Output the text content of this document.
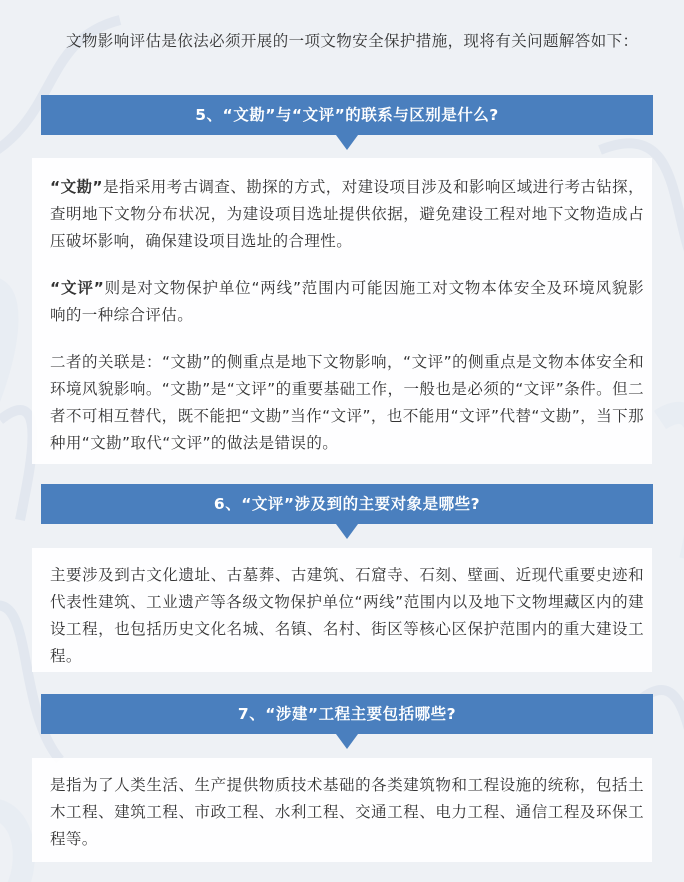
文物影响评估是依法必须开展的一项文物安全保护措施，现将有关问题解答如下：

5、“文勘”与“文评”的联系与区别是什么?

“文勘”是指采用考古调查、勘探的方式，对建设项目涉及和影响区域进行考古钻探，查明地下文物分布状况，为建设项目选址提供依据，避免建设工程对地下文物造成占压破坏影响，确保建设项目选址的合理性。

“文评”则是对文物保护单位“两线”范围内可能因施工对文物本体安全及环境风貌影响的一种综合评估。

二者的关联是：“文勘”的侧重点是地下文物影响，“文评”的侧重点是文物本体安全和环境风貌影响。“文勘”是“文评”的重要基础工作，一般也是必须的“文评”条件。但二者不可相互替代，既不能把“文勘”当作“文评”，也不能用“文评”代替“文勘”，当下那种用“文勘”取代“文评”的做法是错误的。

6、“文评”涉及到的主要对象是哪些?

主要涉及到古文化遗址、古墓葬、古建筑、石窟寺、石刻、壁画、近现代重要史迹和代表性建筑、工业遗产等各级文物保护单位“两线”范围内以及地下文物埋藏区内的建设工程，也包括历史文化名城、名镇、名村、街区等核心区保护范围内的重大建设工程。

7、“涉建”工程主要包括哪些?

是指为了人类生活、生产提供物质技术基础的各类建筑物和工程设施的统称，包括土木工程、建筑工程、市政工程、水利工程、交通工程、电力工程、通信工程及环保工程等。
